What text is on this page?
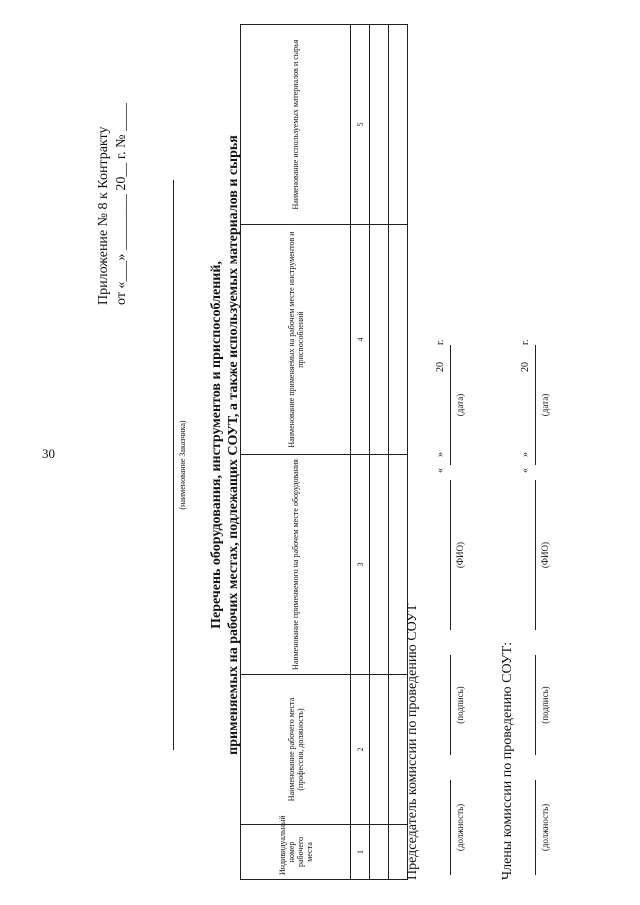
30
Приложение № 8 к Контракту от «___» ________ 20__ г. № ____
(наименование Заказчика) Перечень оборудования, инструментов и приспособлений, применяемых на рабочих местах, подлежащих СОУТ, а также используемых материалов и сырья
Индивидуальный номер рабочего места	Наименование рабочего места (профессия, должность)	Наименование применяемого на рабочем месте оборудования	Наименование применяемых на рабочем месте инструментов и приспособлений	Наименование используемых материалов и сырья
1	2	3	4	5

Председатель комиссии по проведению СОУТ	(должность)
(подпись)
(ФИО)
«
»
(дата)
20
г.
Члены комиссии по проведению СОУТ:	(должность)
(подпись)
(ФИО)
«
»
(дата)
20
г.
